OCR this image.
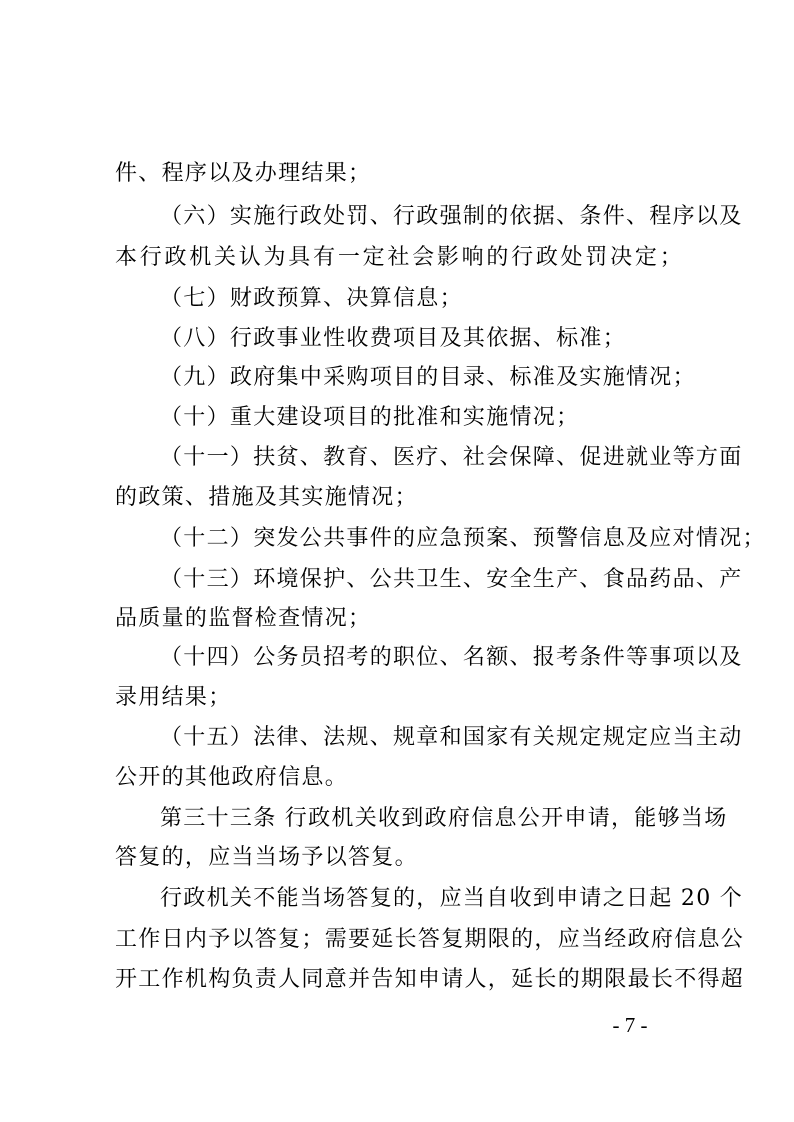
件、程序以及办理结果；
（六）实施行政处罚、行政强制的依据、条件、程序以及
本行政机关认为具有一定社会影响的行政处罚决定；
（七）财政预算、决算信息；
（八）行政事业性收费项目及其依据、标准；
（九）政府集中采购项目的目录、标准及实施情况；
（十）重大建设项目的批准和实施情况；
（十一）扶贫、教育、医疗、社会保障、促进就业等方面
的政策、措施及其实施情况；
（十二）突发公共事件的应急预案、预警信息及应对情况；
（十三）环境保护、公共卫生、安全生产、食品药品、产
品质量的监督检查情况；
（十四）公务员招考的职位、名额、报考条件等事项以及
录用结果；
（十五）法律、法规、规章和国家有关规定规定应当主动
公开的其他政府信息。
第三十三条 行政机关收到政府信息公开申请，能够当场
答复的，应当当场予以答复。
行政机关不能当场答复的，应当自收到申请之日起 20 个
工作日内予以答复；需要延长答复期限的，应当经政府信息公
开工作机构负责人同意并告知申请人，延长的期限最长不得超
- 7 -
